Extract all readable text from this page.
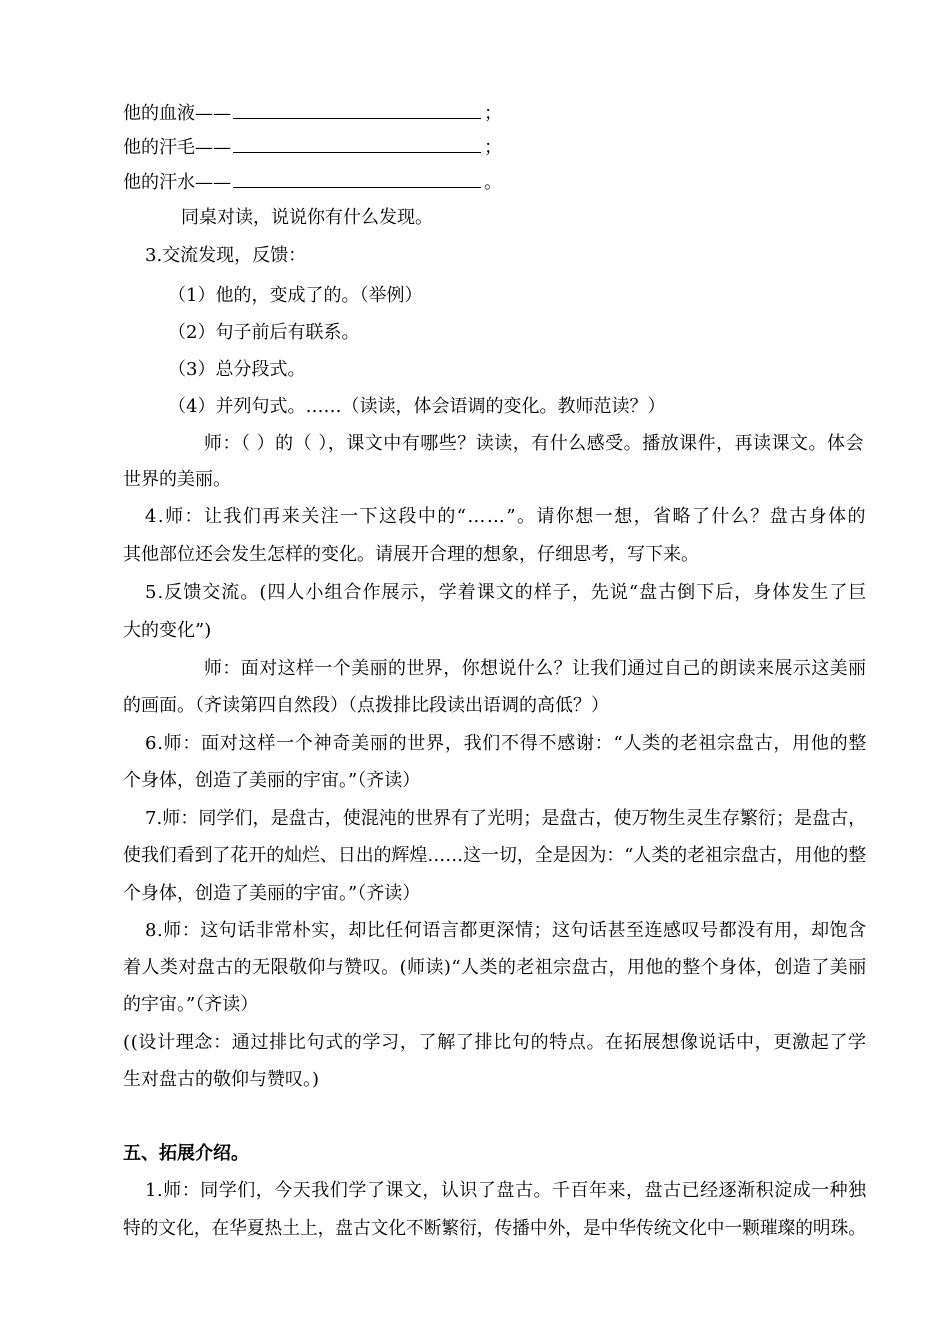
他的血液——	；
他的汗毛——	；
他的汗水——	。
同桌对读，说说你有什么发现。
3.交流发现，反馈：
（1）他的，变成了的。（举例）
（2）句子前后有联系。
（3）总分段式。
（4）并列句式。……（读读，体会语调的变化。教师范读？）
师：（ ）的（ ），课文中有哪些？读读，有什么感受。播放课件，再读课文。体会
世界的美丽。
4.师：让我们再来关注一下这段中的“……”。请你想一想，省略了什么？盘古身体的
其他部位还会发生怎样的变化。请展开合理的想象，仔细思考，写下来。
5.反馈交流。(四人小组合作展示，学着课文的样子，先说“盘古倒下后，身体发生了巨
大的变化”)
师：面对这样一个美丽的世界，你想说什么？让我们通过自己的朗读来展示这美丽
的画面。（齐读第四自然段）（点拨排比段读出语调的高低？）
6.师：面对这样一个神奇美丽的世界，我们不得不感谢：“人类的老祖宗盘古，用他的整
个身体，创造了美丽的宇宙。”（齐读）
7.师：同学们，是盘古，使混沌的世界有了光明；是盘古，使万物生灵生存繁衍；是盘古，
使我们看到了花开的灿烂、日出的辉煌……这一切，全是因为：“人类的老祖宗盘古，用他的整
个身体，创造了美丽的宇宙。”（齐读）
8.师：这句话非常朴实，却比任何语言都更深情；这句话甚至连感叹号都没有用，却饱含
着人类对盘古的无限敬仰与赞叹。(师读)“人类的老祖宗盘古，用他的整个身体，创造了美丽
的宇宙。”（齐读）
((设计理念：通过排比句式的学习，了解了排比句的特点。在拓展想像说话中，更激起了学
生对盘古的敬仰与赞叹。)
五、拓展介绍。
1.师：同学们，今天我们学了课文，认识了盘古。千百年来，盘古已经逐渐积淀成一种独
特的文化，在华夏热土上，盘古文化不断繁衍，传播中外，是中华传统文化中一颗璀璨的明珠。
